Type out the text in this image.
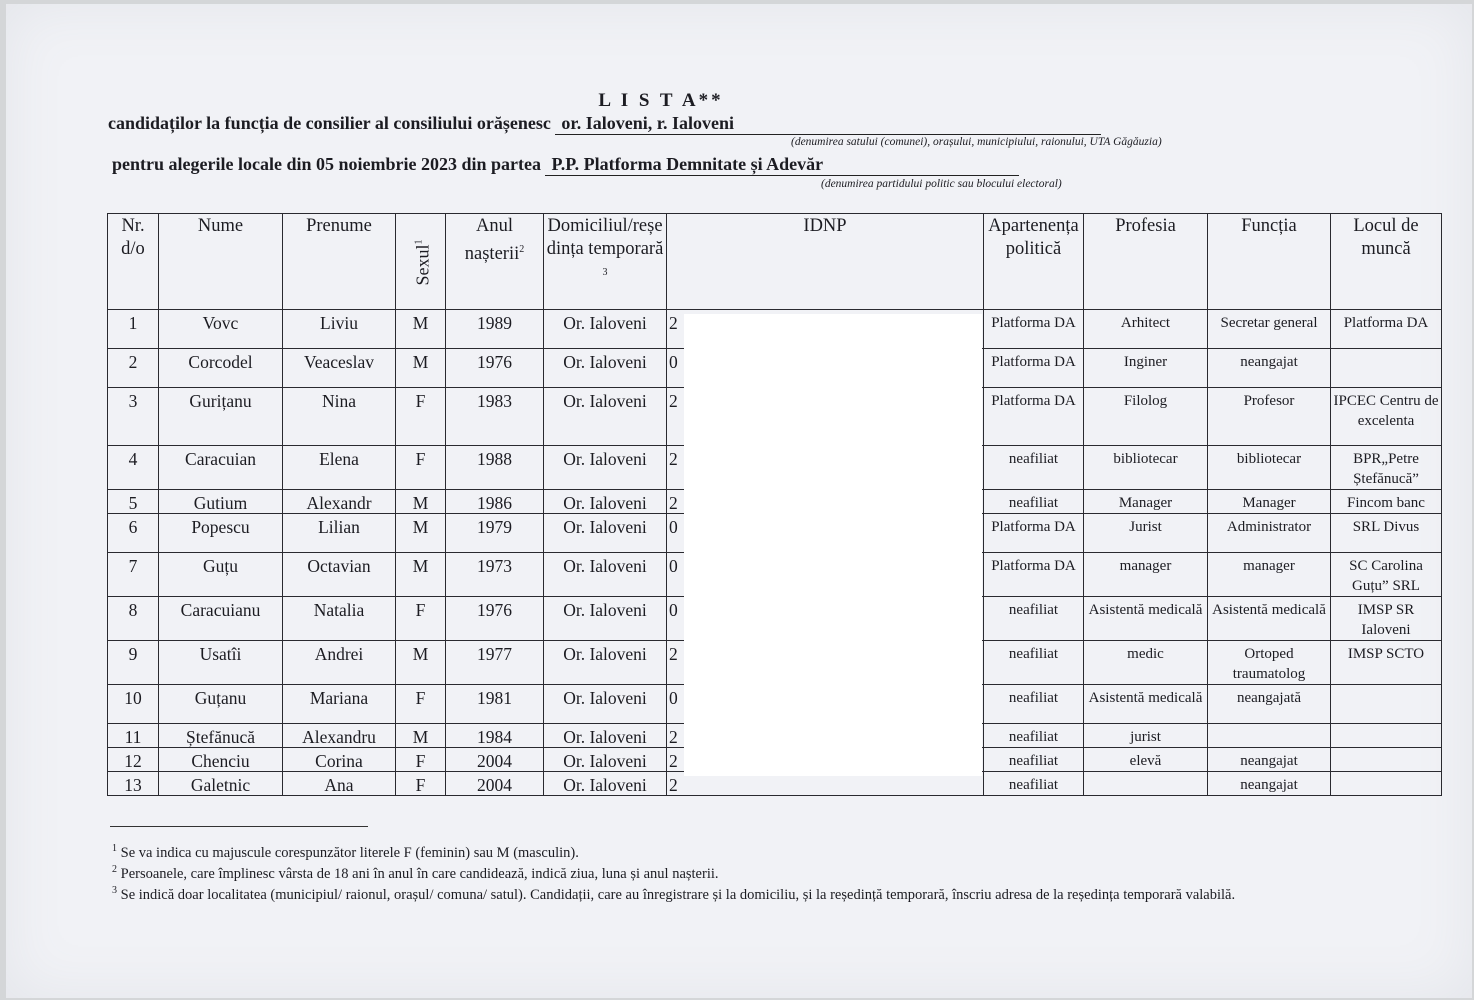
L I S T A**
candidaților la funcția de consilier al consiliului orășenesc or. Ialoveni, r. Ialoveni
(denumirea satului (comunei), orașului, municipiului, raionului, UTA Găgăuzia)
pentru alegerile locale din 05 noiembrie 2023 din partea P.P. Platforma Demnitate și Adevăr
(denumirea partidului politic sau blocului electoral)
Nr. d/o	Nume	Prenume	Sexul$^1$	Anul nașterii$^2$	Domiciliul/reședința temporară$^3$	IDNP	Apartenența politică	Profesia	Funcția	Locul de muncă
1	Vovc	Liviu	M	1989	Or. Ialoveni	2	Platforma DA	Arhitect	Secretar general	Platforma DA
2	Corcodel	Veaceslav	M	1976	Or. Ialoveni	0	Platforma DA	Inginer	neangajat	
3	Gurițanu	Nina	F	1983	Or. Ialoveni	2	Platforma DA	Filolog	Profesor	IPCEC Centru de excelenta
4	Caracuian	Elena	F	1988	Or. Ialoveni	2	neafiliat	bibliotecar	bibliotecar	BPR„Petre Ștefănucă”
5	Gutium	Alexandr	M	1986	Or. Ialoveni	2	neafiliat	Manager	Manager	Fincom banc
6	Popescu	Lilian	M	1979	Or. Ialoveni	0	Platforma DA	Jurist	Administrator	SRL Divus
7	Guțu	Octavian	M	1973	Or. Ialoveni	0	Platforma DA	manager	manager	SC Carolina Guțu” SRL
8	Caracuianu	Natalia	F	1976	Or. Ialoveni	0	neafiliat	Asistentă medicală	Asistentă medicală	IMSP SR Ialoveni
9	Usatîi	Andrei	M	1977	Or. Ialoveni	2	neafiliat	medic	Ortoped traumatolog	IMSP SCTO
10	Guțanu	Mariana	F	1981	Or. Ialoveni	0	neafiliat	Asistentă medicală	neangajată	
11	Ștefănucă	Alexandru	M	1984	Or. Ialoveni	2	neafiliat	jurist		
12	Chenciu	Corina	F	2004	Or. Ialoveni	2	neafiliat	elevă	neangajat	
13	Galetnic	Ana	F	2004	Or. Ialoveni	2	neafiliat		neangajat	
$^1$ Se va indica cu majuscule corespunzător literele F (feminin) sau M (masculin).
$^2$ Persoanele, care împlinesc vârsta de 18 ani în anul în care candidează, indică ziua, luna și anul nașterii.
$^3$ Se indică doar localitatea (municipiul/ raionul, orașul/ comuna/ satul). Candidații, care au înregistrare și la domiciliu, și la reședință temporară, înscriu adresa de la reședința temporară valabilă.
